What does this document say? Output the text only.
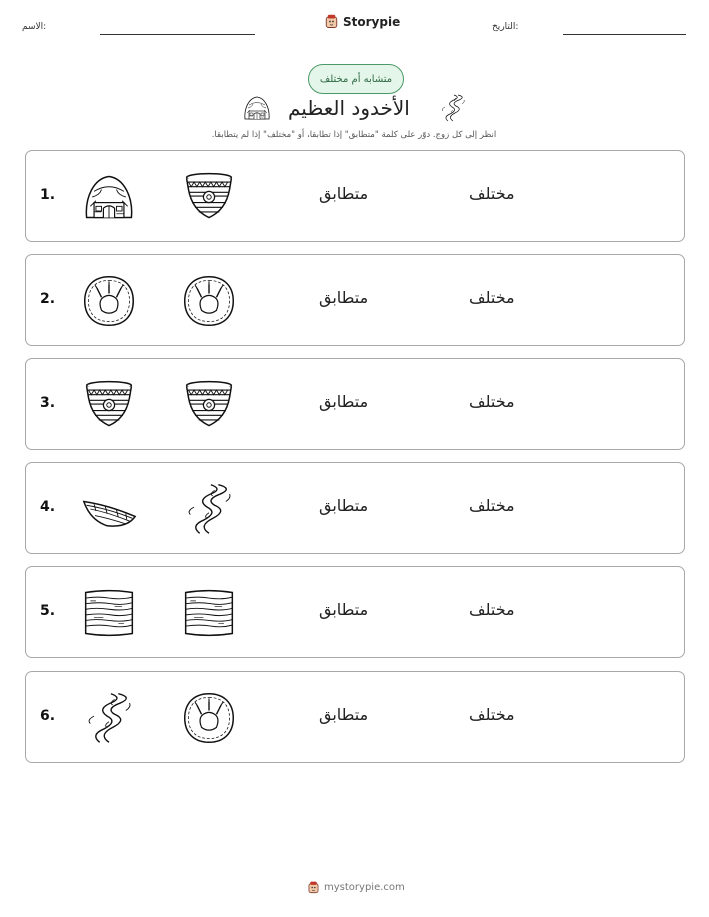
الاسم:	Storypie	التاريخ:
متشابه أم مختلف
الأخدود العظيم
انظر إلى كل زوج. دوّر على كلمة "متطابق" إذا تطابقا، أو "مختلف" إذا لم يتطابقا.
1.	متطابق	مختلف
2.	متطابق	مختلف
3.	متطابق	مختلف
4.	متطابق	مختلف
5.	متطابق	مختلف
6.	متطابق	مختلف
mystorypie.com
